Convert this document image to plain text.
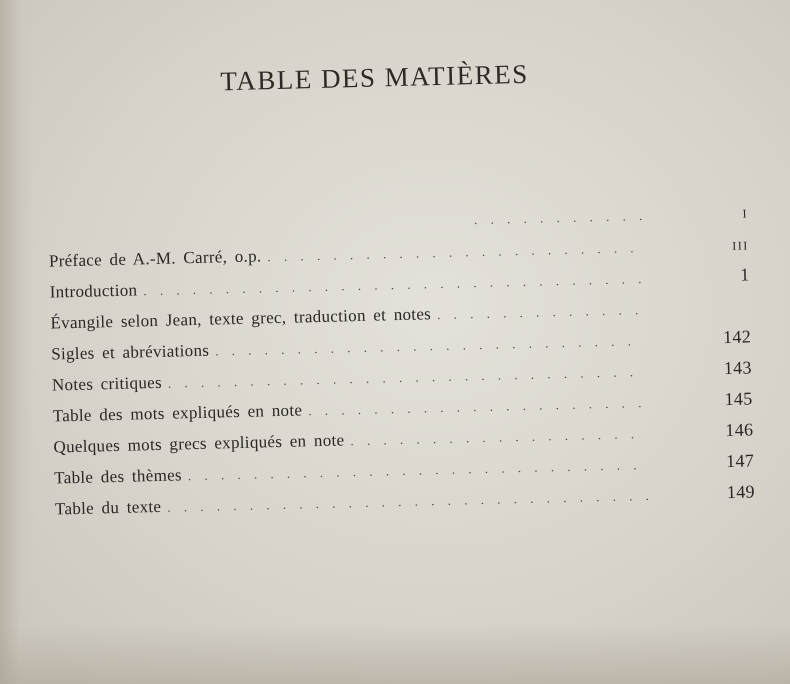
TABLE DES MATIÈRES
. . .
I
Préface de A.-M. Carré, o.p.
. . .
III
Introduction
. . .
1
Évangile selon Jean, texte grec, traduction et notes
. . .
Sigles et abréviations
. . .
142
Notes critiques
. . .
143
Table des mots expliqués en note
. . .
145
Quelques mots grecs expliqués en note
. . .
146
Table des thèmes
. . .
147
Table du texte
. . .
149
